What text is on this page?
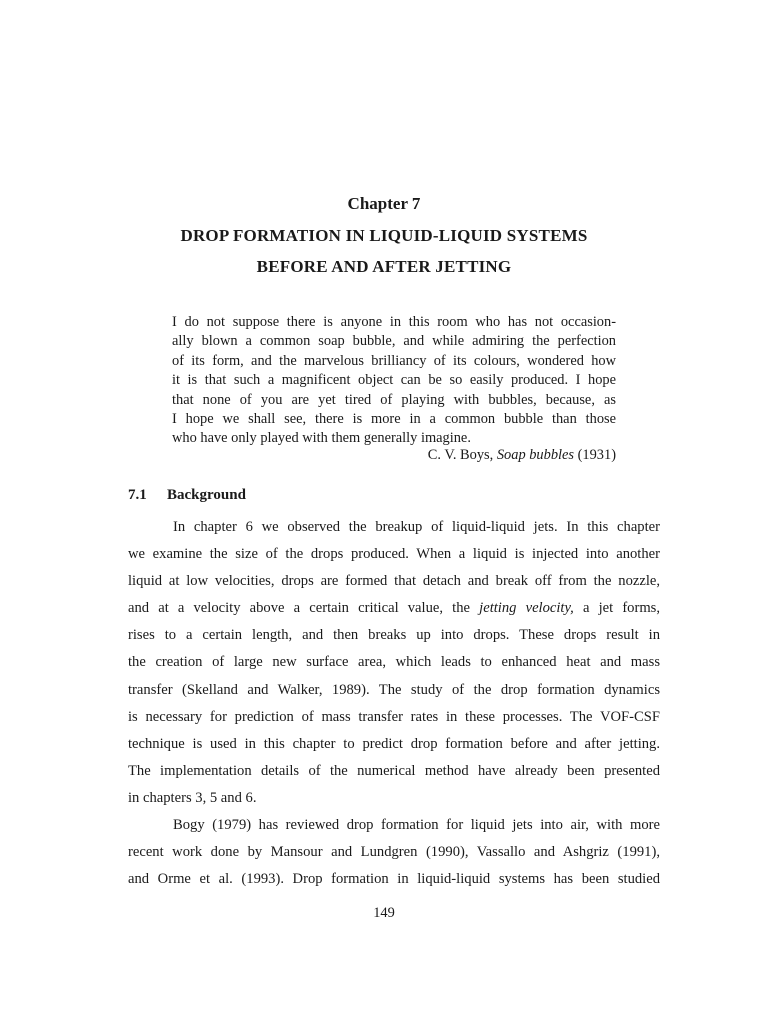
Chapter 7
DROP FORMATION IN LIQUID-LIQUID SYSTEMS
BEFORE AND AFTER JETTING
I do not suppose there is anyone in this room who has not occasion-
ally blown a common soap bubble, and while admiring the perfection
of its form, and the marvelous brilliancy of its colours, wondered how
it is that such a magnificent object can be so easily produced. I hope
that none of you are yet tired of playing with bubbles, because, as
I hope we shall see, there is more in a common bubble than those
who have only played with them generally imagine.
C. V. Boys, Soap bubbles (1931)
7.1 Background
In chapter 6 we observed the breakup of liquid-liquid jets. In this chapter
we examine the size of the drops produced. When a liquid is injected into another
liquid at low velocities, drops are formed that detach and break off from the nozzle,
and at a velocity above a certain critical value, the jetting velocity, a jet forms,
rises to a certain length, and then breaks up into drops. These drops result in
the creation of large new surface area, which leads to enhanced heat and mass
transfer (Skelland and Walker, 1989). The study of the drop formation dynamics
is necessary for prediction of mass transfer rates in these processes. The VOF-CSF
technique is used in this chapter to predict drop formation before and after jetting.
The implementation details of the numerical method have already been presented
in chapters 3, 5 and 6.
Bogy (1979) has reviewed drop formation for liquid jets into air, with more
recent work done by Mansour and Lundgren (1990), Vassallo and Ashgriz (1991),
and Orme et al. (1993). Drop formation in liquid-liquid systems has been studied
149
